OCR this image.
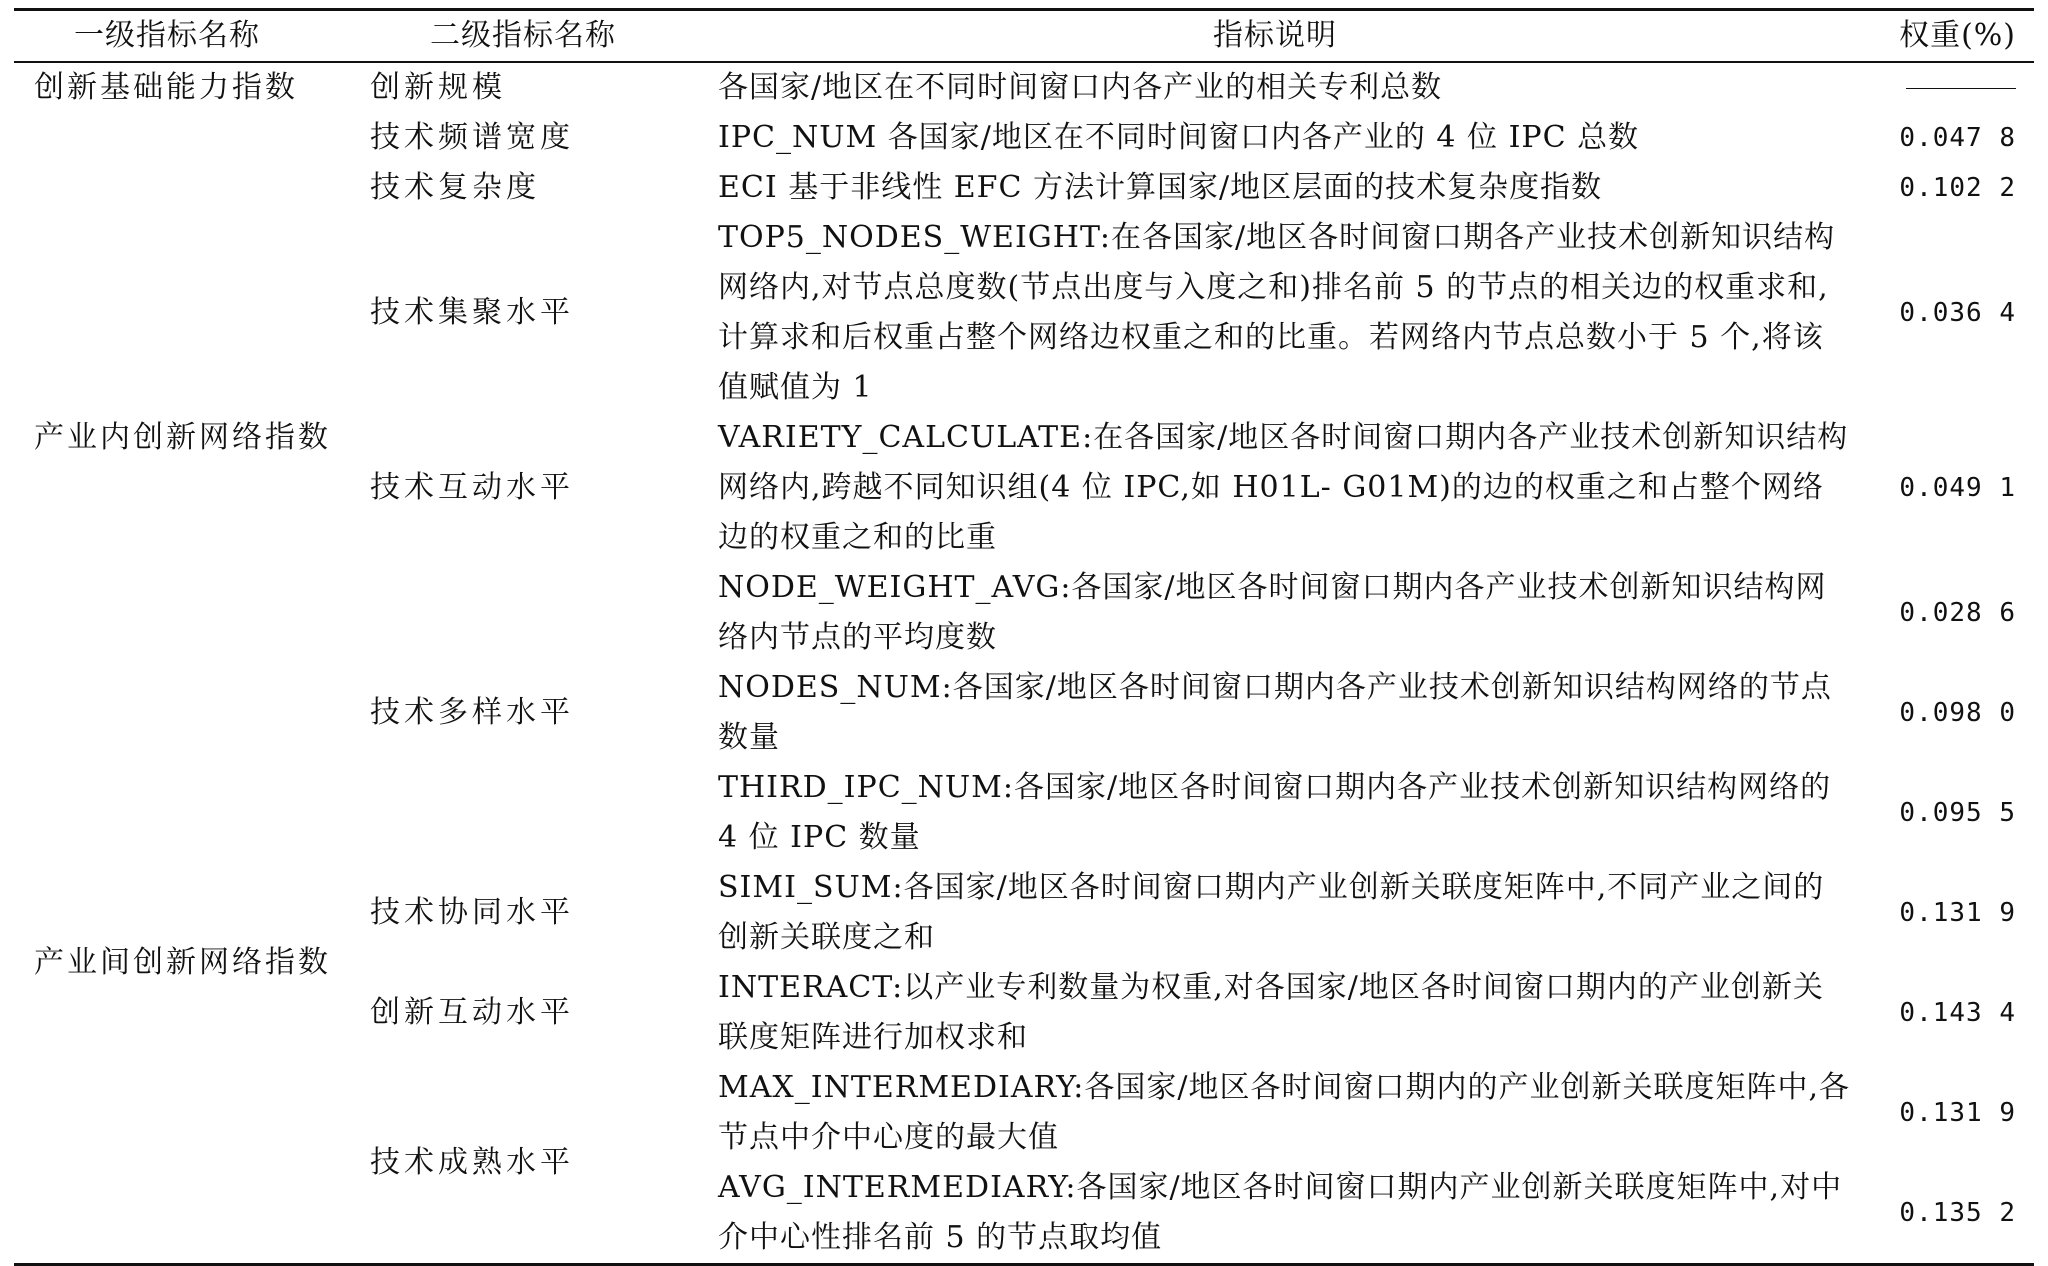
一级指标名称	二级指标名称	指标说明	权重(%)
创新基础能力指数	创新规模	各国家/地区在不同时间窗口内各产业的相关专利总数	
	技术频谱宽度	IPC_NUM 各国家/地区在不同时间窗口内各产业的 4 位 IPC 总数	0.047 8
	技术复杂度	ECI 基于非线性 EFC 方法计算国家/地区层面的技术复杂度指数	0.102 2
产业内创新网络指数	技术集聚水平	TOP5_NODES_WEIGHT:在各国家/地区各时间窗口期各产业技术创新知识结构网络内,对节点总度数(节点出度与入度之和)排名前 5 的节点的相关边的权重求和,计算求和后权重占整个网络边权重之和的比重。若网络内节点总数小于 5 个,将该值赋值为 1	0.036 4
	技术互动水平	VARIETY_CALCULATE:在各国家/地区各时间窗口期内各产业技术创新知识结构网络内,跨越不同知识组(4 位 IPC,如 H01L- G01M)的边的权重之和占整个网络边的权重之和的比重	0.049 1
	技术多样水平	NODE_WEIGHT_AVG:各国家/地区各时间窗口期内各产业技术创新知识结构网络内节点的平均度数	0.028 6
产业间创新网络指数		NODES_NUM:各国家/地区各时间窗口期内各产业技术创新知识结构网络的节点数量	0.098 0
		THIRD_IPC_NUM:各国家/地区各时间窗口期内各产业技术创新知识结构网络的 4 位 IPC 数量	0.095 5
	技术协同水平	SIMI_SUM:各国家/地区各时间窗口期内产业创新关联度矩阵中,不同产业之间的创新关联度之和	0.131 9
	创新互动水平	INTERACT:以产业专利数量为权重,对各国家/地区各时间窗口期内的产业创新关联度矩阵进行加权求和	0.143 4
	技术成熟水平	MAX_INTERMEDIARY:各国家/地区各时间窗口期内的产业创新关联度矩阵中,各节点中介中心度的最大值	0.131 9
		AVG_INTERMEDIARY:各国家/地区各时间窗口期内产业创新关联度矩阵中,对中介中心性排名前 5 的节点取均值	0.135 2
